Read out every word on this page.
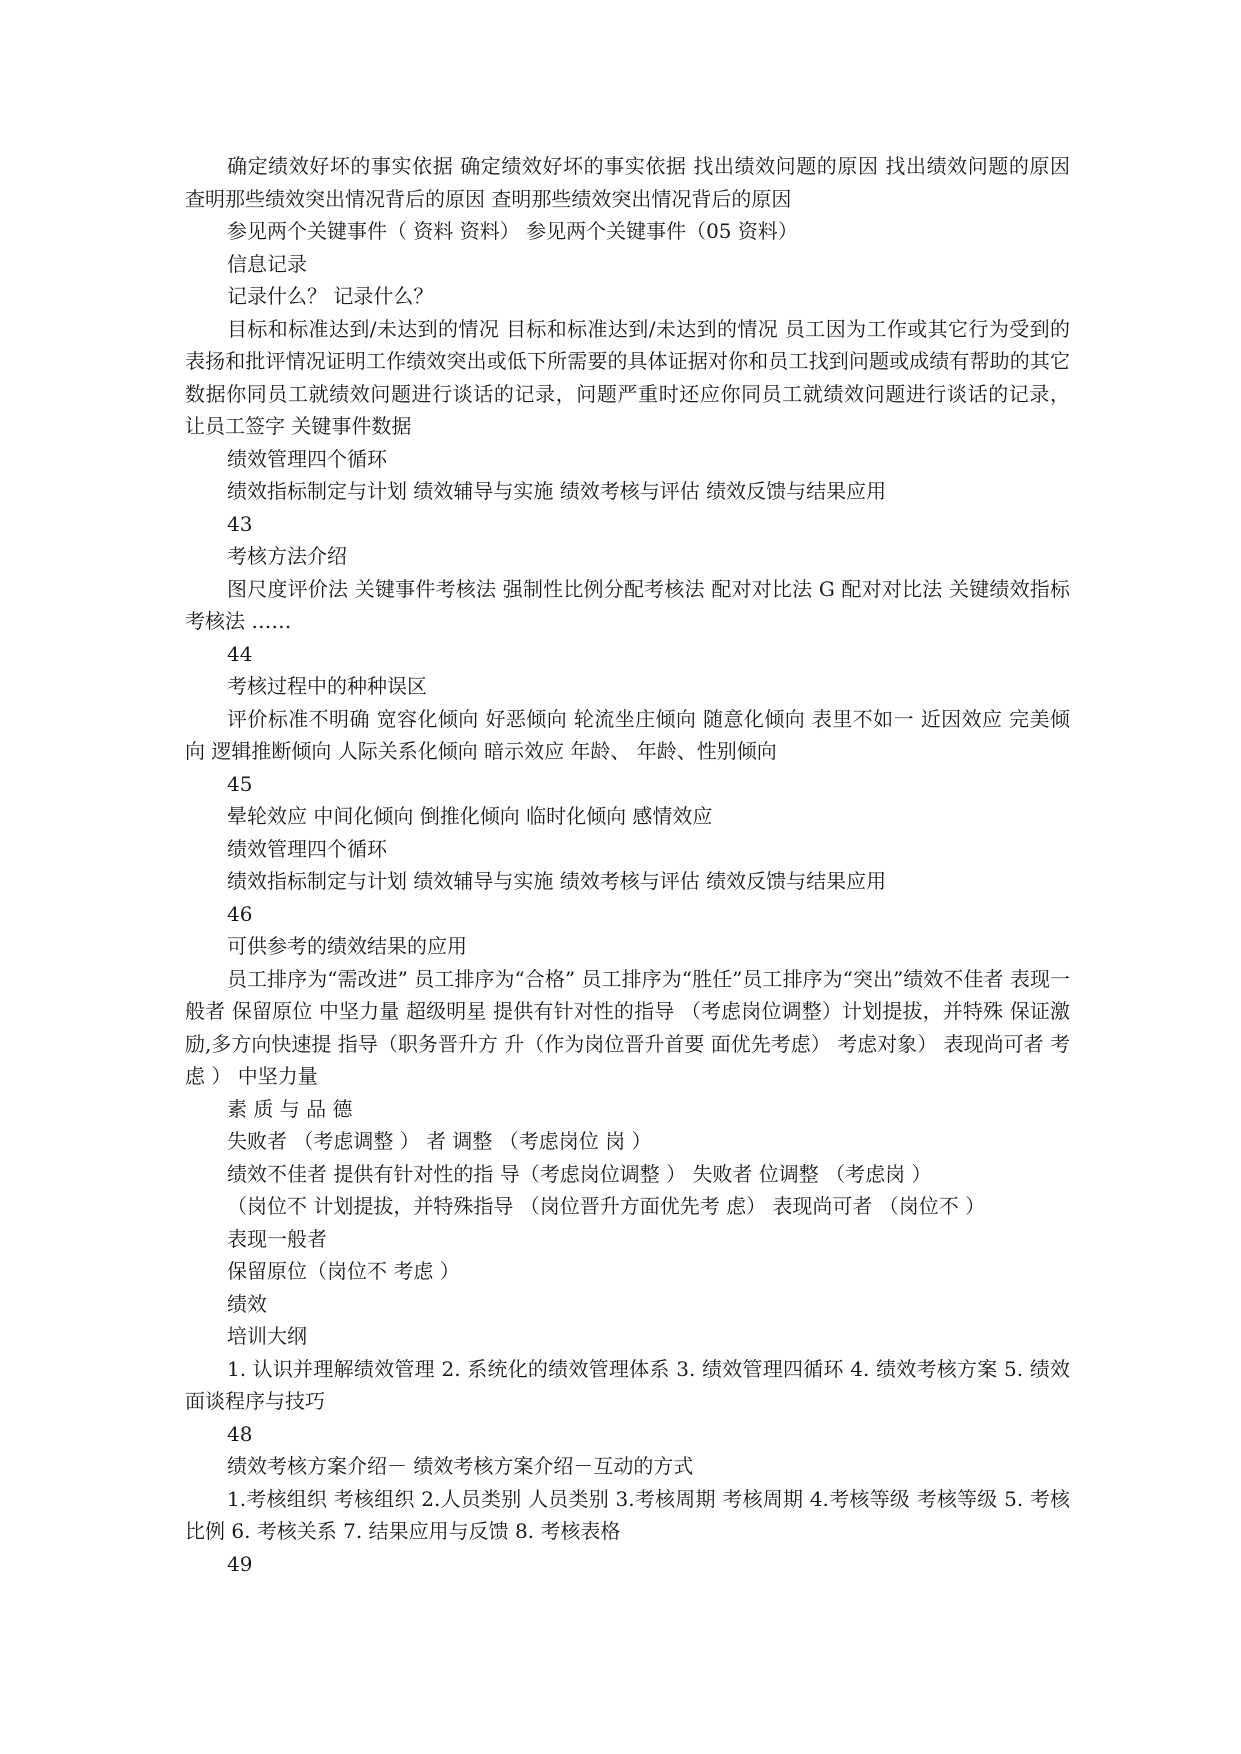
确定绩效好坏的事实依据 确定绩效好坏的事实依据 找出绩效问题的原因 找出绩效问题的原因 查明那些绩效突出情况背后的原因 查明那些绩效突出情况背后的原因

参见两个关键事件（ 资料 资料） 参见两个关键事件（05 资料）

信息记录

记录什么？ 记录什么？

目标和标准达到/未达到的情况 目标和标准达到/未达到的情况 员工因为工作或其它行为受到的表扬和批评情况证明工作绩效突出或低下所需要的具体证据对你和员工找到问题或成绩有帮助的其它数据你同员工就绩效问题进行谈话的记录，问题严重时还应你同员工就绩效问题进行谈话的记录， 让员工签字 关键事件数据

绩效管理四个循环

绩效指标制定与计划 绩效辅导与实施 绩效考核与评估 绩效反馈与结果应用

43

考核方法介绍

图尺度评价法 关键事件考核法 强制性比例分配考核法 配对对比法 G 配对对比法 关键绩效指标考核法 ……

44

考核过程中的种种误区

评价标准不明确 宽容化倾向 好恶倾向 轮流坐庄倾向 随意化倾向 表里不如一 近因效应 完美倾向 逻辑推断倾向 人际关系化倾向 暗示效应 年龄、 年龄、性别倾向

45

晕轮效应 中间化倾向 倒推化倾向 临时化倾向 感情效应

绩效管理四个循环

绩效指标制定与计划 绩效辅导与实施 绩效考核与评估 绩效反馈与结果应用

46

可供参考的绩效结果的应用

员工排序为“需改进” 员工排序为“合格” 员工排序为“胜任”员工排序为“突出”绩效不佳者 表现一般者 保留原位 中坚力量 超级明星 提供有针对性的指导 （考虑岗位调整）计划提拔，并特殊 保证激励,多方向快速提 指导（职务晋升方 升（作为岗位晋升首要 面优先考虑） 考虑对象） 表现尚可者 考虑 ） 中坚力量

素 质 与 品 德

失败者 （考虑调整 ） 者 调整 （考虑岗位 岗 ）

绩效不佳者 提供有针对性的指 导（考虑岗位调整 ） 失败者 位调整 （考虑岗 ）

（岗位不 计划提拔，并特殊指导 （岗位晋升方面优先考 虑） 表现尚可者 （岗位不 ）

表现一般者

保留原位（岗位不 考虑 ）

绩效

培训大纲

1. 认识并理解绩效管理 2. 系统化的绩效管理体系 3. 绩效管理四循环 4. 绩效考核方案 5. 绩效面谈程序与技巧

48

绩效考核方案介绍－ 绩效考核方案介绍－互动的方式

1.考核组织 考核组织 2.人员类别 人员类别 3.考核周期 考核周期 4.考核等级 考核等级 5. 考核比例 6. 考核关系 7. 结果应用与反馈 8. 考核表格

49
